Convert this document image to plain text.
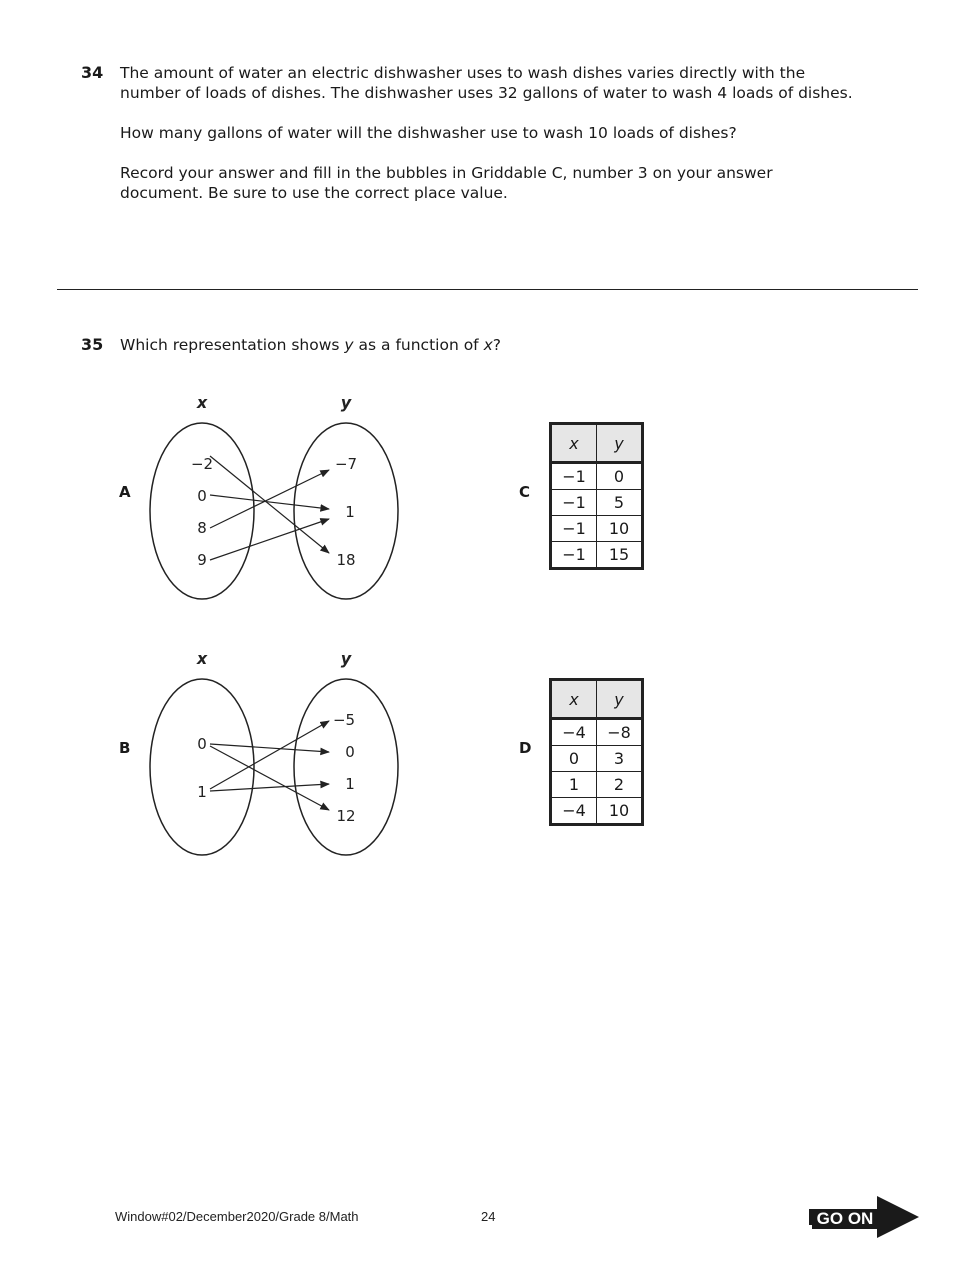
34 The amount of water an electric dishwasher uses to wash dishes varies directly with the

number of loads of dishes. The dishwasher uses 32 gallons of water to wash 4 loads of dishes.

How many gallons of water will the dishwasher use to wash 10 loads of dishes?

Record your answer and fill in the bubbles in Griddable C, number 3 on your answer

document. Be sure to use the correct place value.

35 Which representation shows y as a function of x?

A
x	y
−2
0
8
9
−7
1
18
C
x	y
−1	0
−1	5
−1	10
−1	15
B
x	y
0
1
−5
0
1
12
D
x	y
−4	−8
0	3
1	2
−4	10
Window#02/December2020/Grade 8/Math	24	GO ON
